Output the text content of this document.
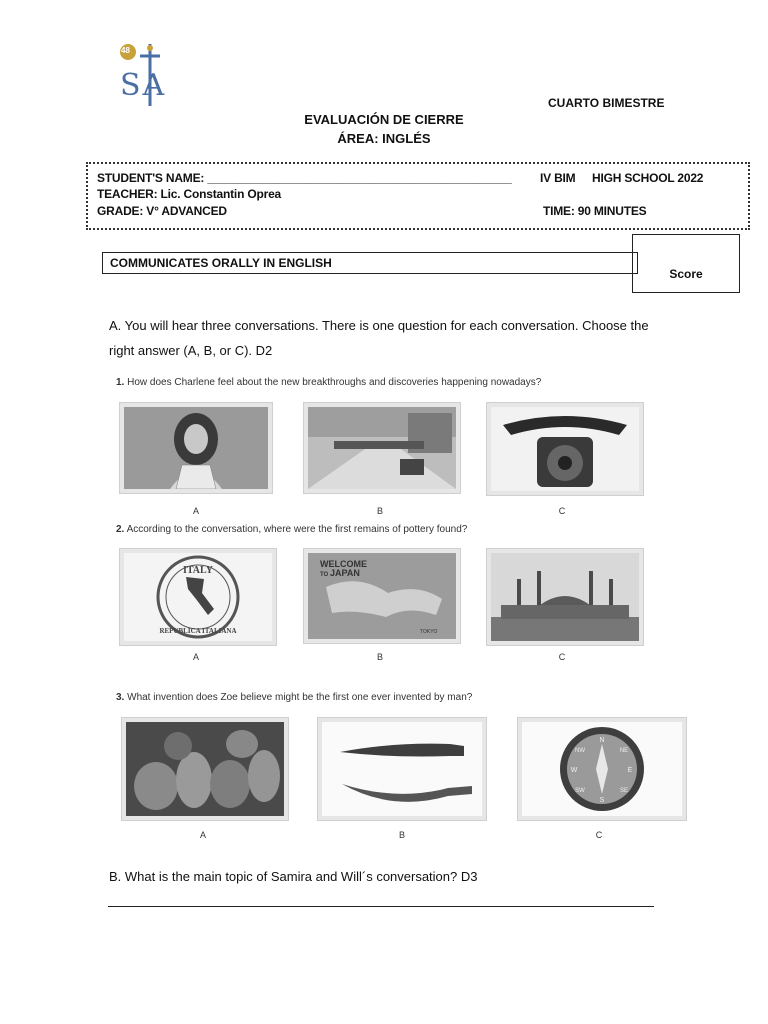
48
SA	CUARTO BIMESTRE
EVALUACIÓN DE CIERRE
ÁREA: INGLÉS
STUDENT'S NAME: _______________________________________________ IV BIM HIGH SCHOOL 2022
TEACHER: Lic. Constantin Oprea
GRADE: V° ADVANCED	TIME: 90 MINUTES
COMMUNICATES ORALLY IN ENGLISH
Score
A. You will hear three conversations. There is one question for each conversation. Choose the
right answer (A, B, or C). D2
1. How does Charlene feel about the new breakthroughs and discoveries happening nowadays?
A	B	C
2. According to the conversation, where were the first remains of pottery found?
ITALY
REPUBLICA ITALIANA
WELCOME
TO JAPAN
TOKYO
A	B	C
3. What invention does Zoe believe might be the first one ever invented by man?
N
NW	NE
W	E
SW	SE
S
A	B	C
B. What is the main topic of Samira and Will´s conversation? D3
